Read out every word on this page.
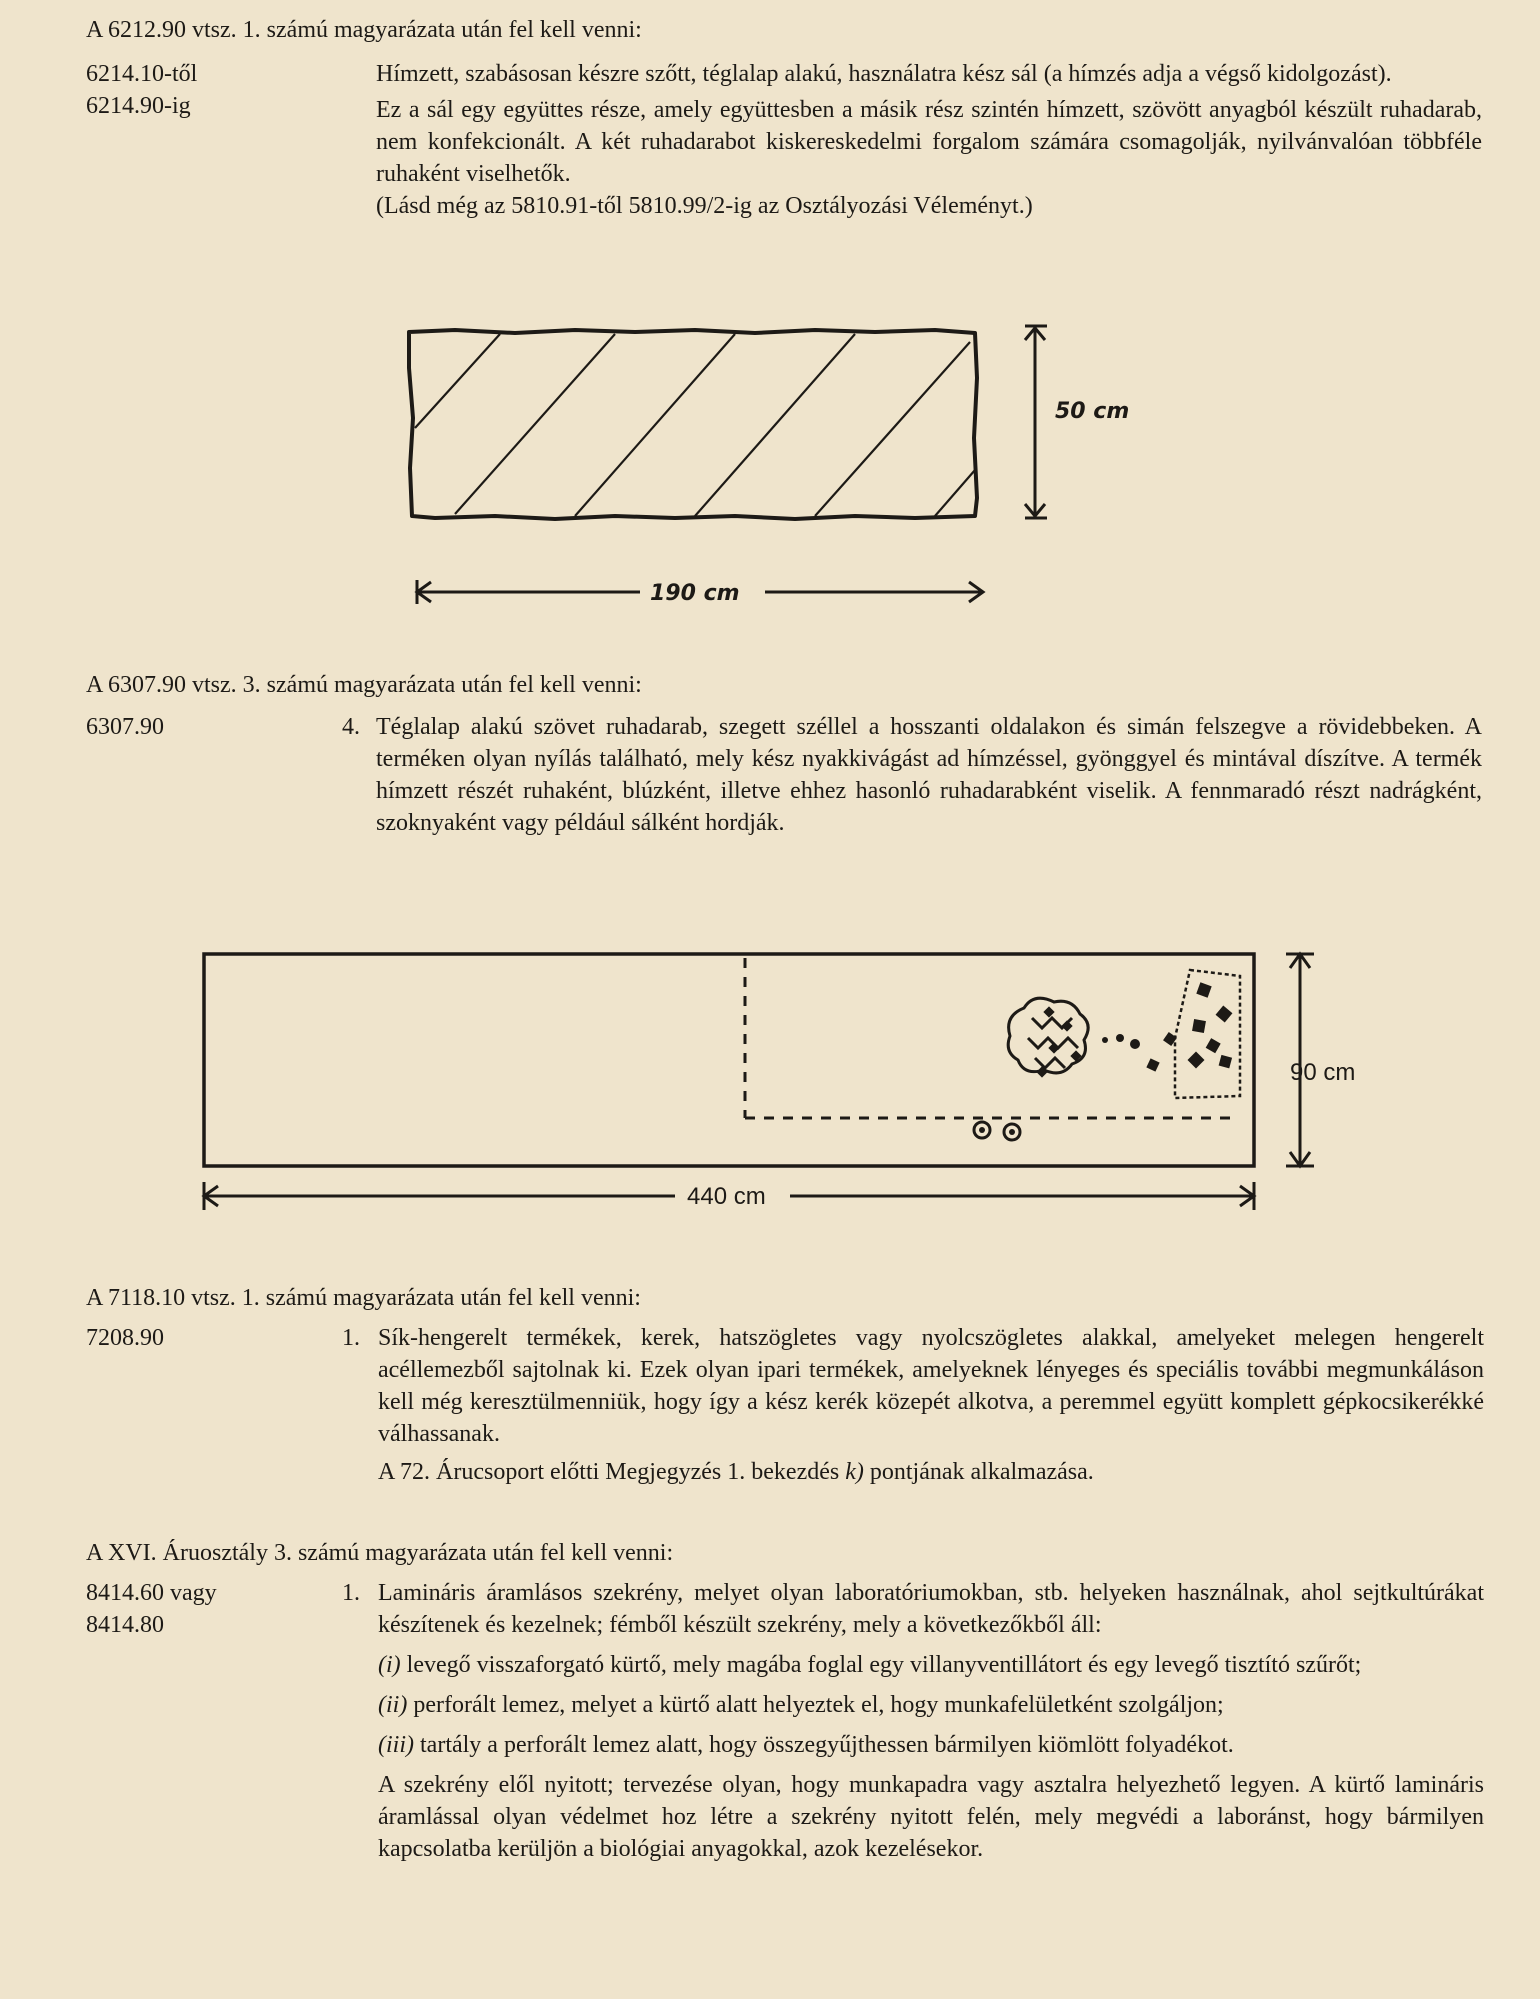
A 6212.90 vtsz. 1. számú magyarázata után fel kell venni:
6214.10-től
6214.90-ig

Hímzett, szabásosan készre szőtt, téglalap alakú, használatra kész sál (a hímzés adja a végső kidolgozást).

Ez a sál egy együttes része, amely együttesben a másik rész szintén hímzett, szövött anyagból készült ruhadarab, nem konfekcionált. A két ruhadarabot kiskereskedelmi forgalom számára csomagolják, nyilvánvalóan többféle ruhaként viselhetők.

(Lásd még az 5810.91-től 5810.99/2-ig az Osztályozási Véleményt.)

50 cm
190 cm
A 6307.90 vtsz. 3. számú magyarázata után fel kell venni:
6307.90	4. Téglalap alakú szövet ruhadarab, szegett széllel a hosszanti oldalakon és simán felszegve a rövidebbeken. A terméken olyan nyílás található, mely kész nyakkivágást ad hímzéssel, gyönggyel és mintával díszítve. A termék hímzett részét ruhaként, blúzként, illetve ehhez hasonló ruhadarabként viselik. A fennmaradó részt nadrágként, szoknyaként vagy például sálként hordják.

90 cm
440 cm
A 7118.10 vtsz. 1. számú magyarázata után fel kell venni:
7208.90	1. Sík-hengerelt termékek, kerek, hatszögletes vagy nyolcszögletes alakkal, amelyeket melegen hengerelt acéllemezből sajtolnak ki. Ezek olyan ipari termékek, amelyeknek lényeges és speciális további megmunkáláson kell még keresztülmenniük, hogy így a kész kerék közepét alkotva, a peremmel együtt komplett gépkocsikerékké válhassanak.

A 72. Árucsoport előtti Megjegyzés 1. bekezdés k) pontjának alkalmazása.

A XVI. Áruosztály 3. számú magyarázata után fel kell venni:
8414.60 vagy
8414.80
1. Lamináris áramlásos szekrény, melyet olyan laboratóriumokban, stb. helyeken használnak, ahol sejtkultúrákat készítenek és kezelnek; fémből készült szekrény, mely a következőkből áll:

(i) levegő visszaforgató kürtő, mely magába foglal egy villanyventillátort és egy levegő tisztító szűrőt;

(ii) perforált lemez, melyet a kürtő alatt helyeztek el, hogy munkafelületként szolgáljon;

(iii) tartály a perforált lemez alatt, hogy összegyűjthessen bármilyen kiömlött folyadékot.

A szekrény elől nyitott; tervezése olyan, hogy munkapadra vagy asztalra helyezhető legyen. A kürtő lamináris áramlással olyan védelmet hoz létre a szekrény nyitott felén, mely megvédi a laboránst, hogy bármilyen kapcsolatba kerüljön a biológiai anyagokkal, azok kezelésekor.
